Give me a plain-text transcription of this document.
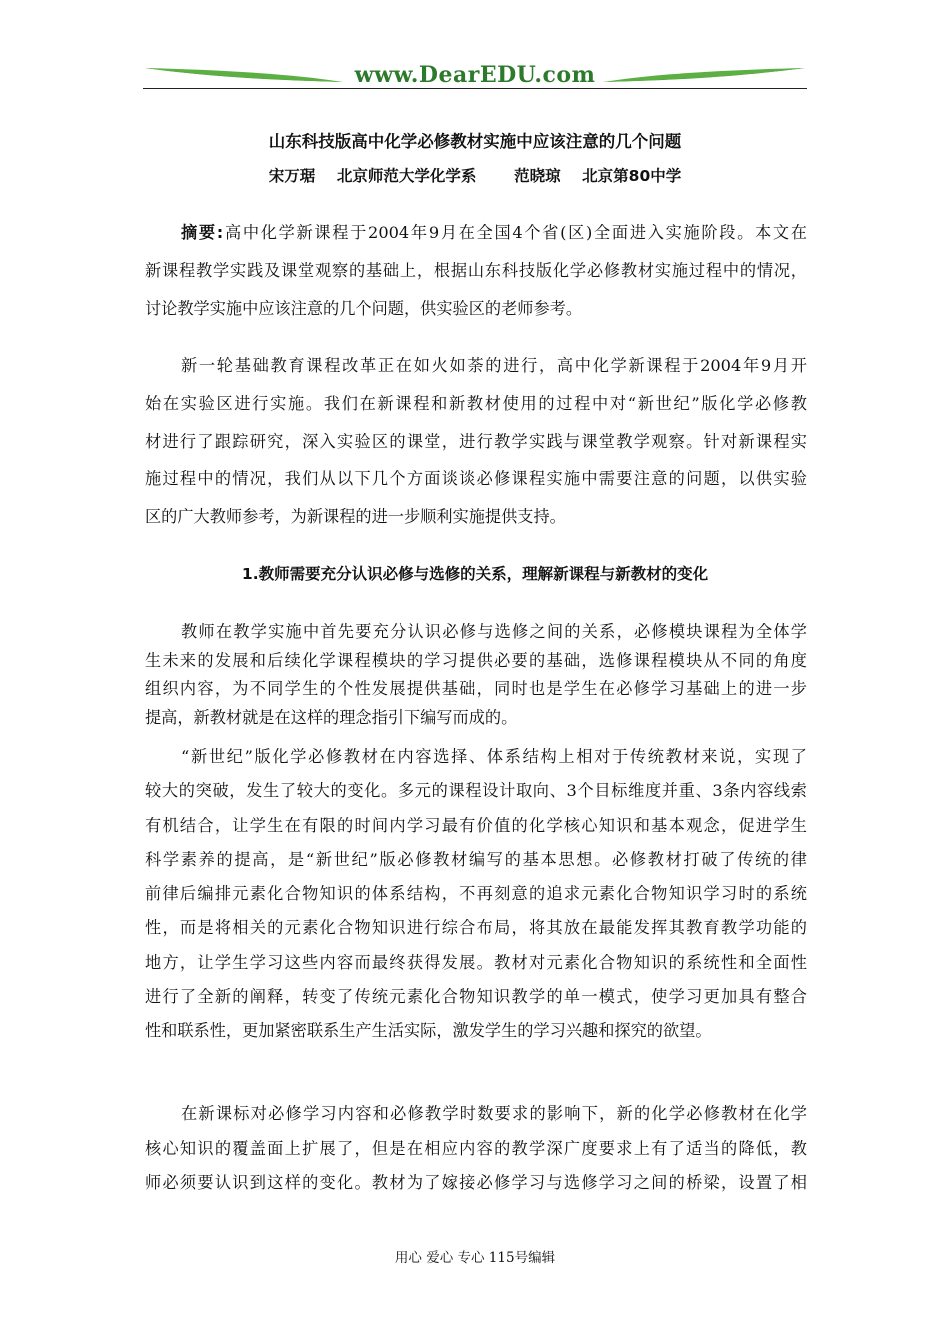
www.DearEDU.com
山东科技版高中化学必修教材实施中应该注意的几个问题
宋万琚    北京师范大学化学系       范晓琼    北京第80中学
摘要:高中化学新课程于2004年9月在全国4个省(区)全面进入实施阶段。本文在
新课程教学实践及课堂观察的基础上，根据山东科技版化学必修教材实施过程中的情况，
讨论教学实施中应该注意的几个问题，供实验区的老师参考。
新一轮基础教育课程改革正在如火如荼的进行，高中化学新课程于2004年9月开
始在实验区进行实施。我们在新课程和新教材使用的过程中对“新世纪”版化学必修教
材进行了跟踪研究，深入实验区的课堂，进行教学实践与课堂教学观察。针对新课程实
施过程中的情况，我们从以下几个方面谈谈必修课程实施中需要注意的问题，以供实验
区的广大教师参考，为新课程的进一步顺利实施提供支持。
1.教师需要充分认识必修与选修的关系，理解新课程与新教材的变化
教师在教学实施中首先要充分认识必修与选修之间的关系，必修模块课程为全体学
生未来的发展和后续化学课程模块的学习提供必要的基础，选修课程模块从不同的角度
组织内容，为不同学生的个性发展提供基础，同时也是学生在必修学习基础上的进一步
提高，新教材就是在这样的理念指引下编写而成的。
“新世纪”版化学必修教材在内容选择、体系结构上相对于传统教材来说，实现了
较大的突破，发生了较大的变化。多元的课程设计取向、3个目标维度并重、3条内容线索
有机结合，让学生在有限的时间内学习最有价值的化学核心知识和基本观念，促进学生
科学素养的提高，是“新世纪”版必修教材编写的基本思想。必修教材打破了传统的律
前律后编排元素化合物知识的体系结构，不再刻意的追求元素化合物知识学习时的系统
性，而是将相关的元素化合物知识进行综合布局，将其放在最能发挥其教育教学功能的
地方，让学生学习这些内容而最终获得发展。教材对元素化合物知识的系统性和全面性
进行了全新的阐释，转变了传统元素化合物知识教学的单一模式，使学习更加具有整合
性和联系性，更加紧密联系生产生活实际，激发学生的学习兴趣和探究的欲望。
在新课标对必修学习内容和必修教学时数要求的影响下，新的化学必修教材在化学
核心知识的覆盖面上扩展了，但是在相应内容的教学深广度要求上有了适当的降低，教
师必须要认识到这样的变化。教材为了嫁接必修学习与选修学习之间的桥梁，设置了相
用心 爱心 专心 115号编辑
